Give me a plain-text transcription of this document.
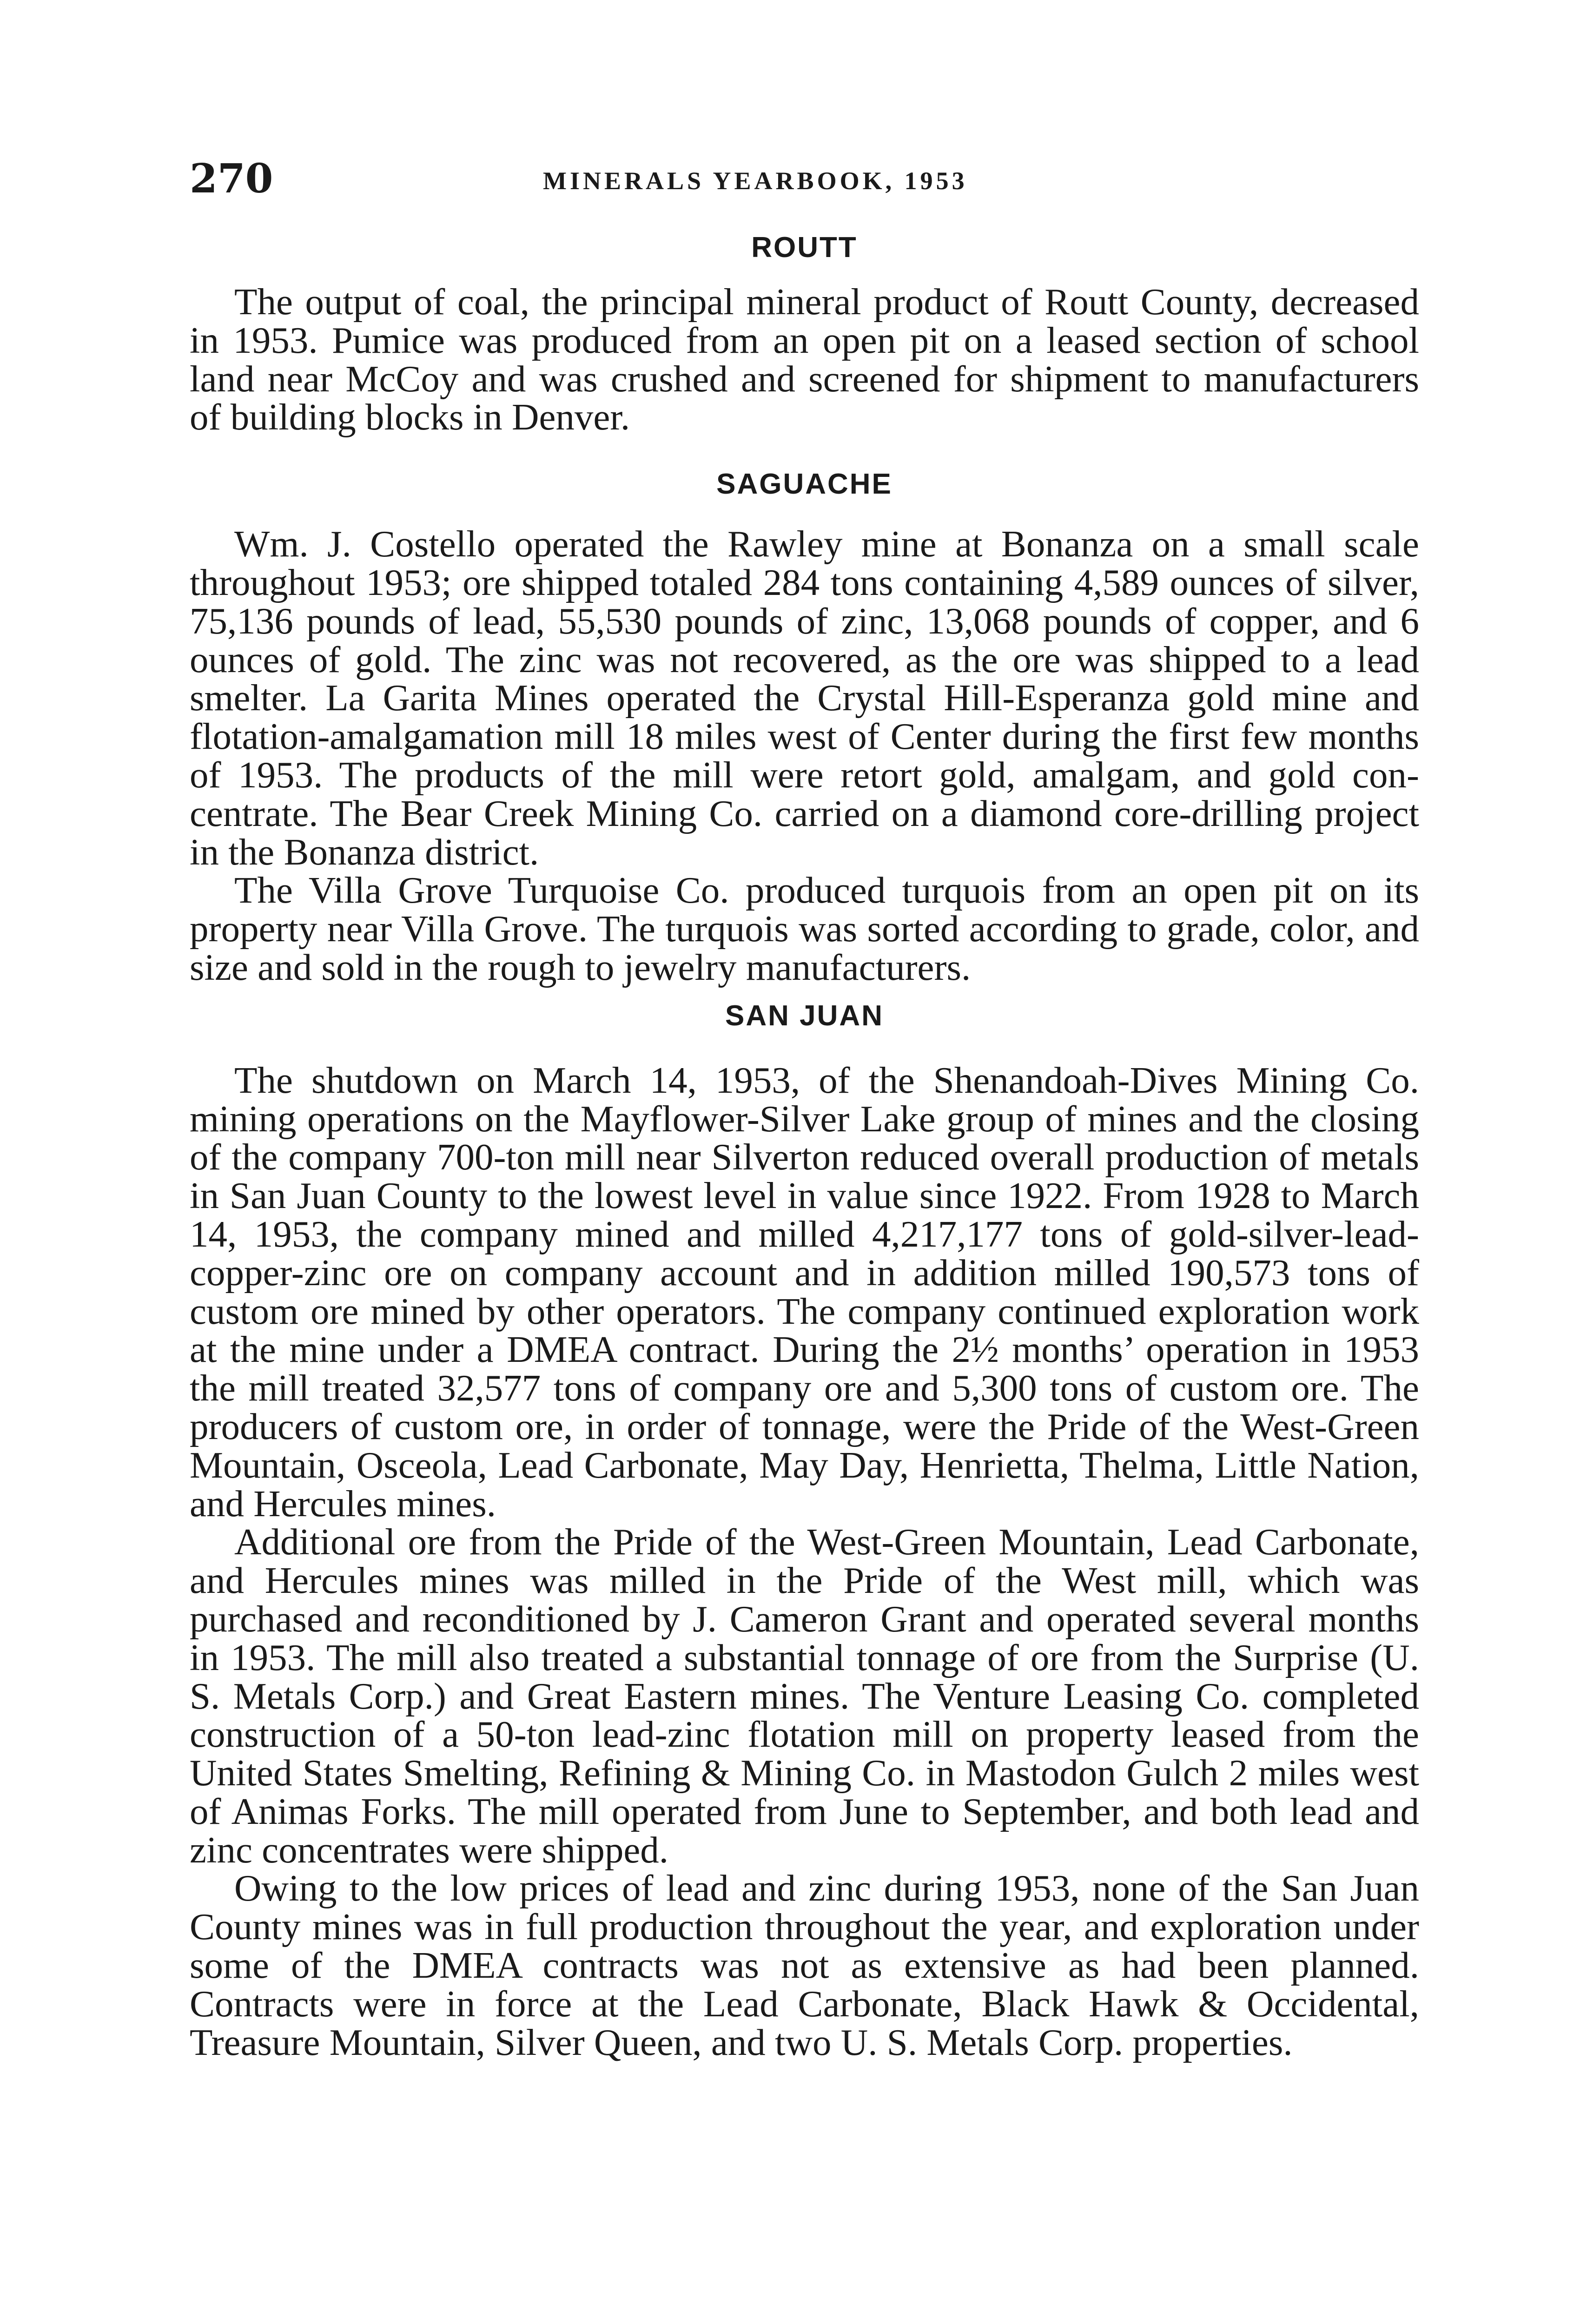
270	MINERALS YEARBOOK, 1953
ROUTT

The output of coal, the principal mineral product of Routt County, decreased in 1953. Pumice was produced from an open pit on a leased section of school land near McCoy and was crushed and screened for shipment to manufacturers of building blocks in Denver.

SAGUACHE

Wm. J. Costello operated the Rawley mine at Bonanza on a small scale throughout 1953; ore shipped totaled 284 tons containing 4,589 ounces of silver, 75,136 pounds of lead, 55,530 pounds of zinc, 13,068 pounds of copper, and 6 ounces of gold. The zinc was not recovered, as the ore was shipped to a lead smelter. La Garita Mines operated the Crystal Hill-Esperanza gold mine and flotation-amalgamation mill 18 miles west of Center during the first few months of 1953. The products of the mill were retort gold, amalgam, and gold concentrate. The Bear Creek Mining Co. carried on a diamond core-drilling project in the Bonanza district.

The Villa Grove Turquoise Co. produced turquois from an open pit on its property near Villa Grove. The turquois was sorted according to grade, color, and size and sold in the rough to jewelry manufacturers.

SAN JUAN

The shutdown on March 14, 1953, of the Shenandoah-Dives Mining Co. mining operations on the Mayflower-Silver Lake group of mines and the closing of the company 700-ton mill near Silverton reduced overall production of metals in San Juan County to the lowest level in value since 1922. From 1928 to March 14, 1953, the company mined and milled 4,217,177 tons of gold-silver-lead-copper-zinc ore on company account and in addition milled 190,573 tons of custom ore mined by other operators. The company continued exploration work at the mine under a DMEA contract. During the 2½ months’ operation in 1953 the mill treated 32,577 tons of company ore and 5,300 tons of custom ore. The producers of custom ore, in order of tonnage, were the Pride of the West-Green Mountain, Osceola, Lead Carbonate, May Day, Henrietta, Thelma, Little Nation, and Hercules mines.

Additional ore from the Pride of the West-Green Mountain, Lead Carbonate, and Hercules mines was milled in the Pride of the West mill, which was purchased and reconditioned by J. Cameron Grant and operated several months in 1953. The mill also treated a substantial tonnage of ore from the Surprise (U. S. Metals Corp.) and Great Eastern mines. The Venture Leasing Co. completed construction of a 50-ton lead-zinc flotation mill on property leased from the United States Smelting, Refining & Mining Co. in Mastodon Gulch 2 miles west of Animas Forks. The mill operated from June to September, and both lead and zinc concentrates were shipped.

Owing to the low prices of lead and zinc during 1953, none of the San Juan County mines was in full production throughout the year, and exploration under some of the DMEA contracts was not as extensive as had been planned. Contracts were in force at the Lead Carbonate, Black Hawk & Occidental, Treasure Mountain, Silver Queen, and two U. S. Metals Corp. properties.
